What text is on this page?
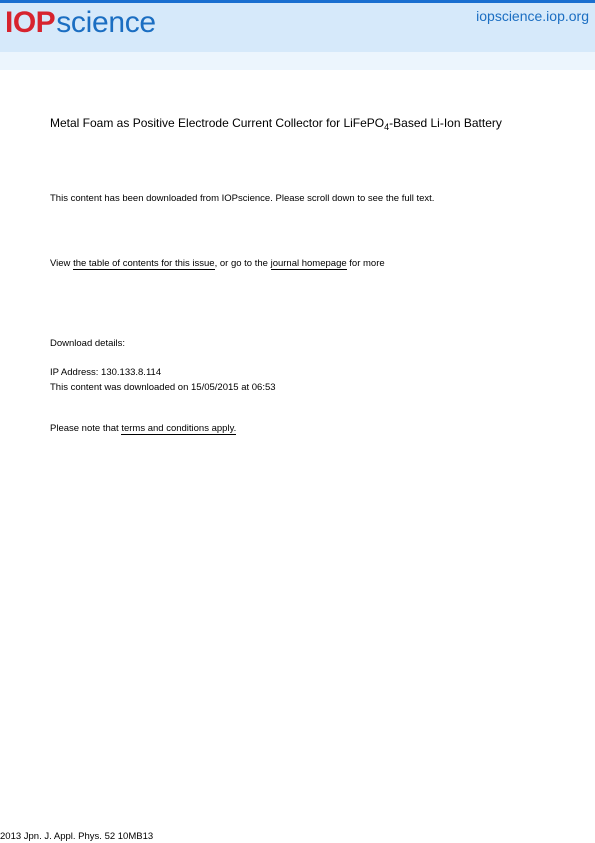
IOP science	iopscience.iop.org
Metal Foam as Positive Electrode Current Collector for LiFePO$_4$-Based Li-Ion Battery
This content has been downloaded from IOPscience. Please scroll down to see the full text.
View the table of contents for this issue, or go to the journal homepage for more
Download details:
IP Address: 130.133.8.114
This content was downloaded on 15/05/2015 at 06:53
Please note that terms and conditions apply.
2013 Jpn. J. Appl. Phys. 52 10MB13
